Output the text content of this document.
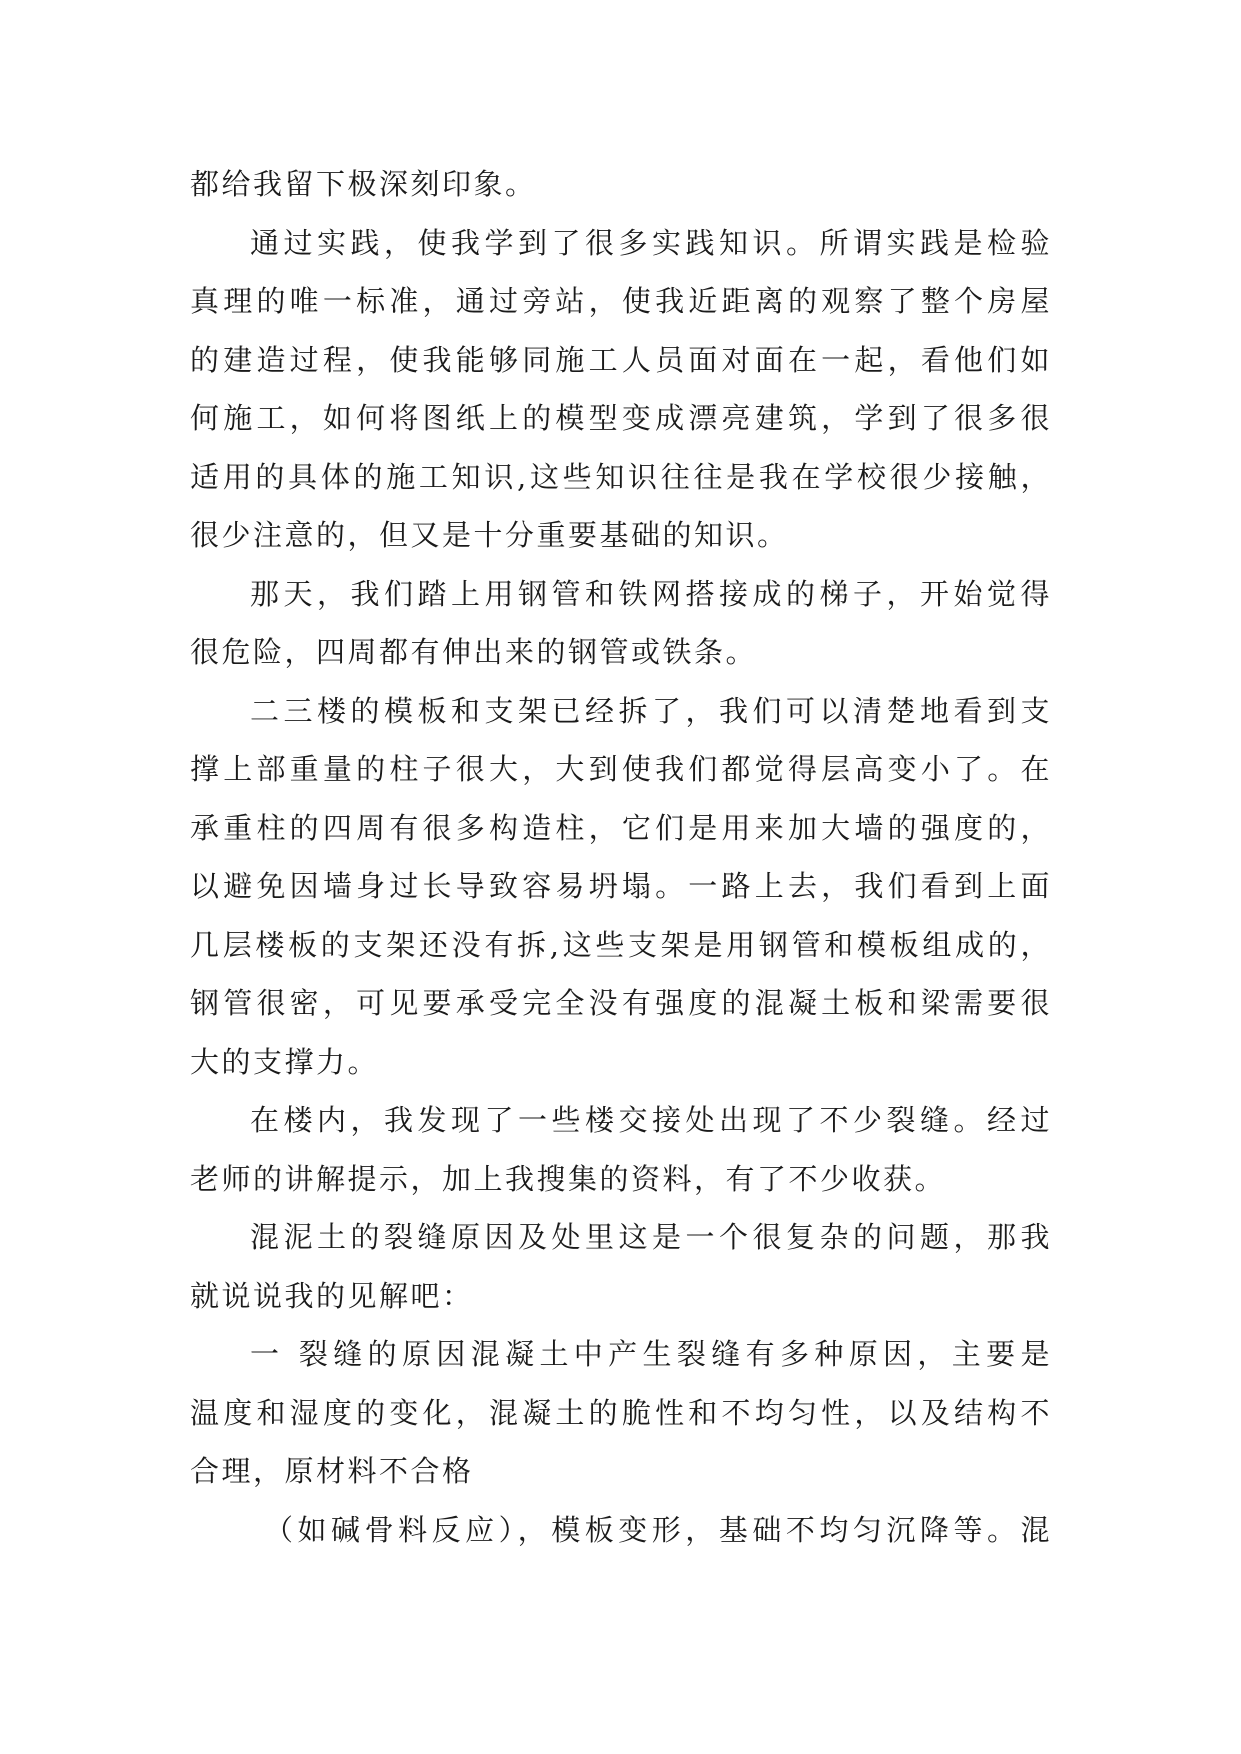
都给我留下极深刻印象。
通过实践，使我学到了很多实践知识。所谓实践是检验
真理的唯一标准，通过旁站，使我近距离的观察了整个房屋
的建造过程，使我能够同施工人员面对面在一起，看他们如
何施工，如何将图纸上的模型变成漂亮建筑，学到了很多很
适用的具体的施工知识,这些知识往往是我在学校很少接触，
很少注意的，但又是十分重要基础的知识。
那天，我们踏上用钢管和铁网搭接成的梯子，开始觉得
很危险，四周都有伸出来的钢管或铁条。
二三楼的模板和支架已经拆了，我们可以清楚地看到支
撑上部重量的柱子很大，大到使我们都觉得层高变小了。在
承重柱的四周有很多构造柱，它们是用来加大墙的强度的，
以避免因墙身过长导致容易坍塌。一路上去，我们看到上面
几层楼板的支架还没有拆,这些支架是用钢管和模板组成的，
钢管很密，可见要承受完全没有强度的混凝土板和梁需要很
大的支撑力。
在楼内，我发现了一些楼交接处出现了不少裂缝。经过
老师的讲解提示，加上我搜集的资料，有了不少收获。
混泥土的裂缝原因及处里这是一个很复杂的问题，那我
就说说我的见解吧：
一 裂缝的原因混凝土中产生裂缝有多种原因，主要是
温度和湿度的变化，混凝土的脆性和不均匀性，以及结构不
合理，原材料不合格
（如碱骨料反应），模板变形，基础不均匀沉降等。混
